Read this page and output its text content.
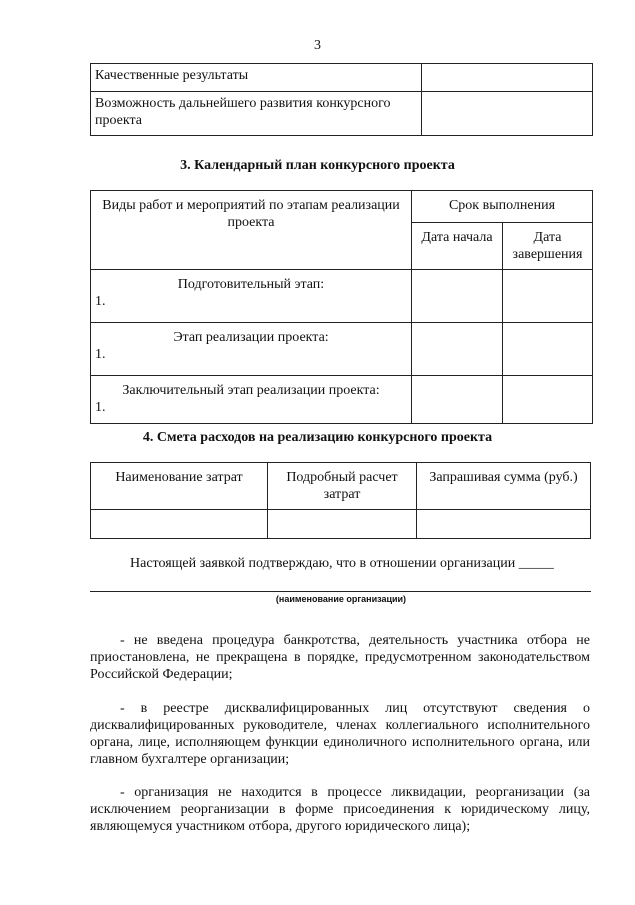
3
Качественные результаты	
Возможность дальнейшего развития конкурсного проекта	
3. Календарный план конкурсного проекта
Виды работ и мероприятий по этапам реализации проекта	Срок выполнения	
	Дата начала	Дата завершения

Подготовительный этап:
1.		

Этап реализации проекта:
1.		

Заключительный этап реализации проекта:
1.		

4. Смета расходов на реализацию конкурсного проекта
Наименование затрат	Подробный расчет затрат	Запрашивая сумма (руб.)

Настоящей заявкой подтверждаю, что в отношении организации _____
(наименование организации)
- не введена процедура банкротства, деятельность участника отбора не приостановлена, не прекращена в порядке, предусмотренном законодательством Российской Федерации;
- в реестре дисквалифицированных лиц отсутствуют сведения о дисквалифицированных руководителе, членах коллегиального исполнительного органа, лице, исполняющем функции единоличного исполнительного органа, или главном бухгалтере организации;
- организация не находится в процессе ликвидации, реорганизации (за исключением реорганизации в форме присоединения к юридическому лицу, являющемуся участником отбора, другого юридического лица);
